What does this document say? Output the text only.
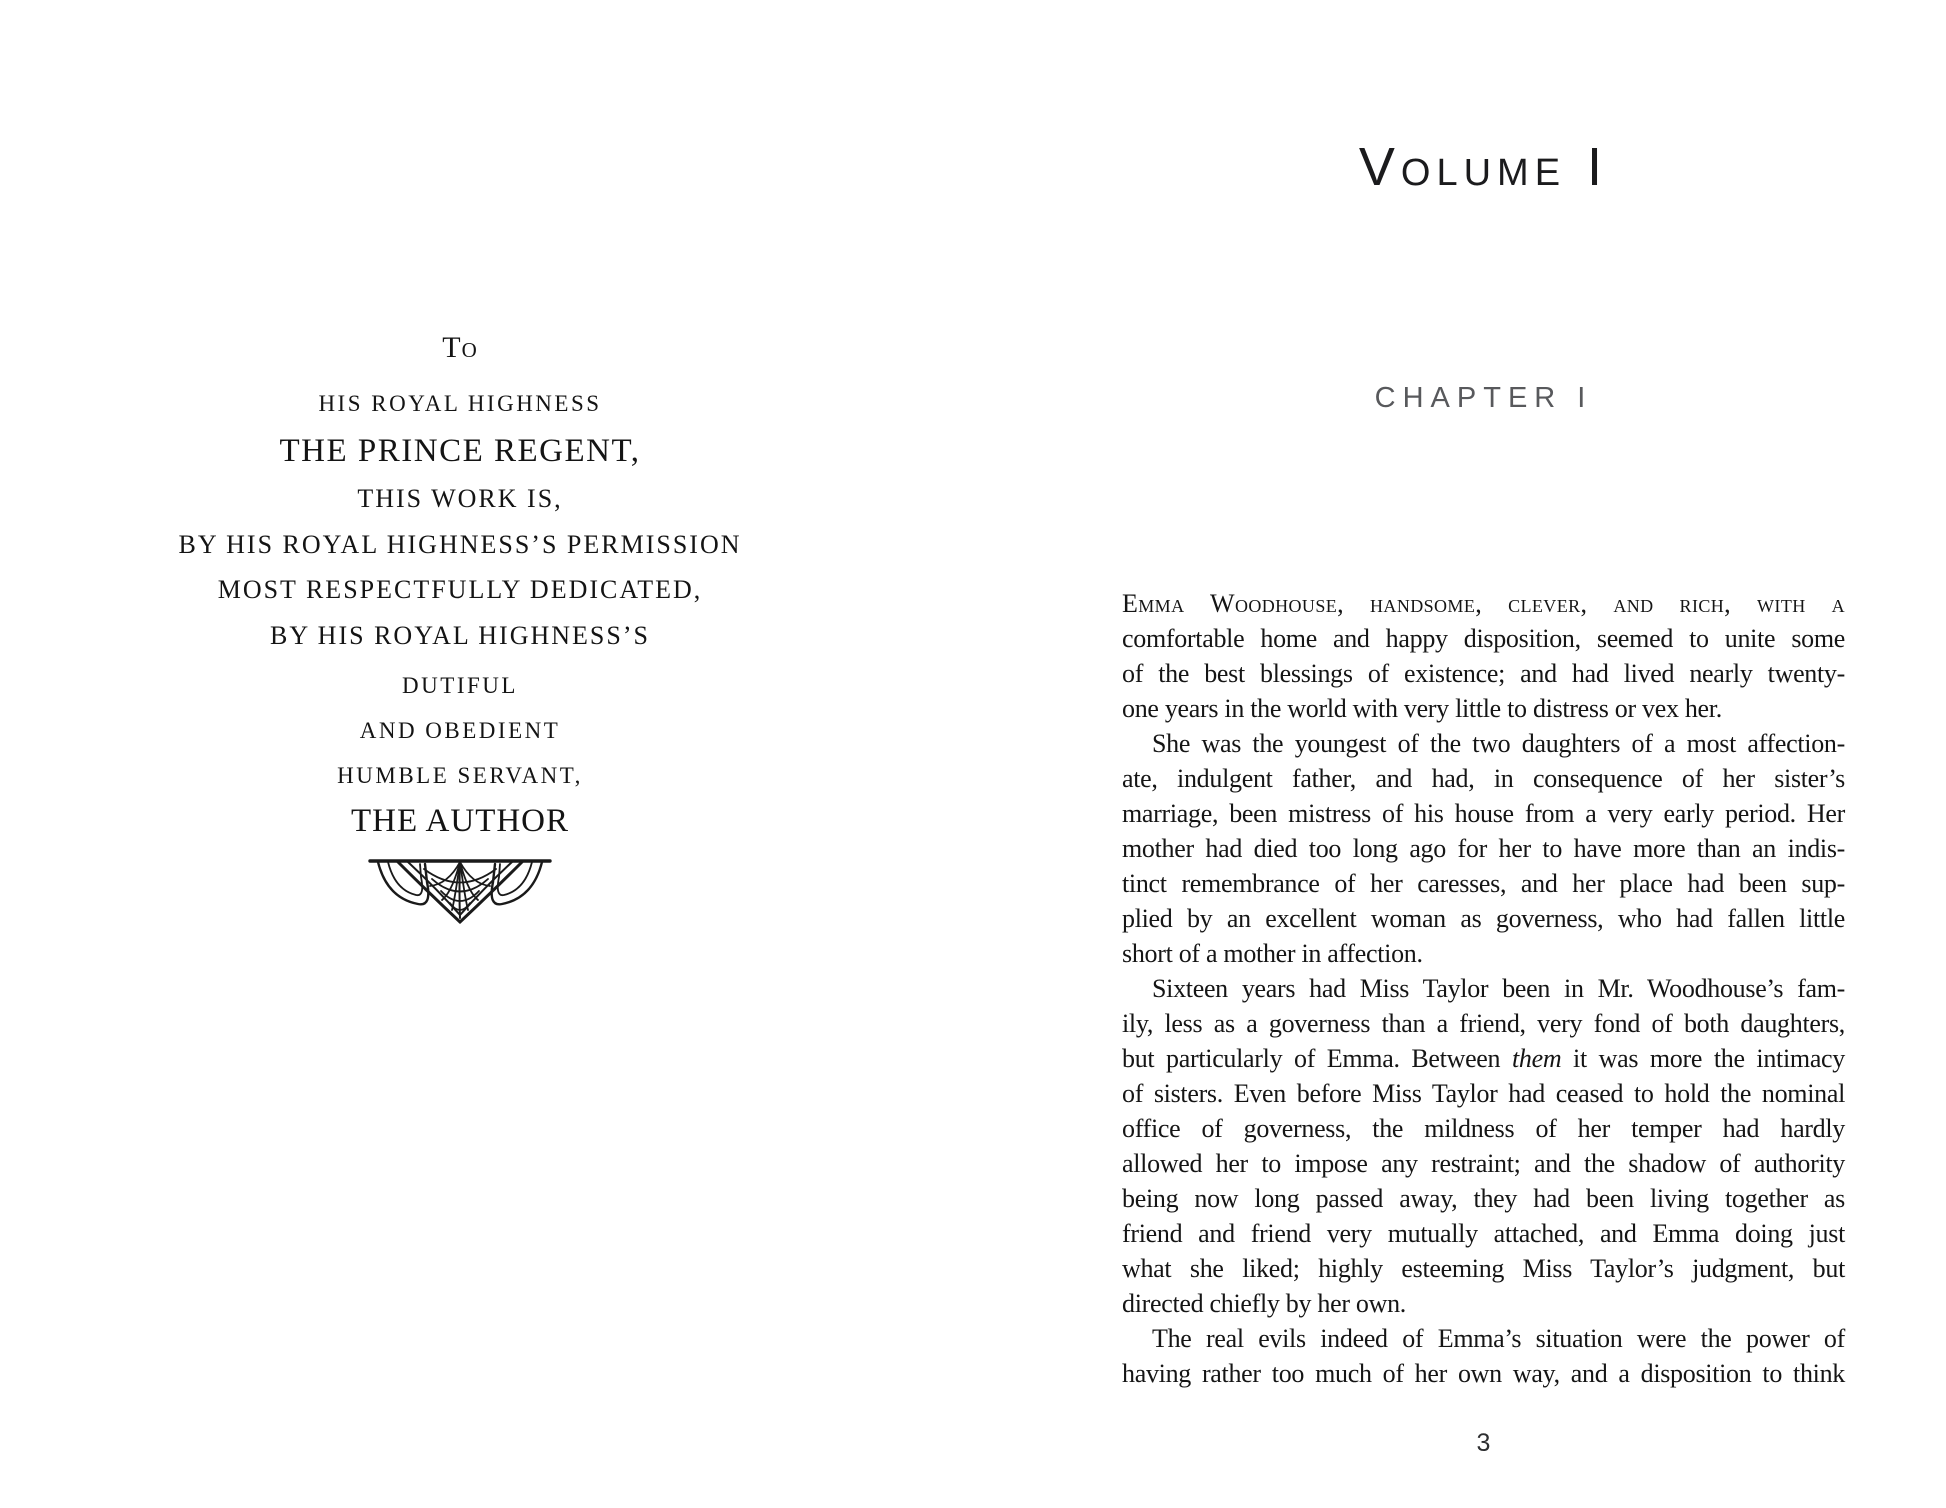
To
HIS ROYAL HIGHNESS
THE PRINCE REGENT,
THIS WORK IS,
BY HIS ROYAL HIGHNESS’S PERMISSION
MOST RESPECTFULLY DEDICATED,
BY HIS ROYAL HIGHNESS’S
DUTIFUL
AND OBEDIENT
HUMBLE SERVANT,
THE AUTHOR
Volume I
CHAPTER I
Emma Woodhouse, handsome, clever, and rich, with a
comfortable home and happy disposition, seemed to unite some
of the best blessings of existence; and had lived nearly twenty-
one years in the world with very little to distress or vex her.
She was the youngest of the two daughters of a most affection-
ate, indulgent father, and had, in consequence of her sister’s
marriage, been mistress of his house from a very early period. Her
mother had died too long ago for her to have more than an indis-
tinct remembrance of her caresses, and her place had been sup-
plied by an excellent woman as governess, who had fallen little
short of a mother in affection.
Sixteen years had Miss Taylor been in Mr. Woodhouse’s fam-
ily, less as a governess than a friend, very fond of both daughters,
but particularly of Emma. Between them it was more the intimacy
of sisters. Even before Miss Taylor had ceased to hold the nominal
office of governess, the mildness of her temper had hardly
allowed her to impose any restraint; and the shadow of authority
being now long passed away, they had been living together as
friend and friend very mutually attached, and Emma doing just
what she liked; highly esteeming Miss Taylor’s judgment, but
directed chiefly by her own.
The real evils indeed of Emma’s situation were the power of
having rather too much of her own way, and a disposition to think
3
